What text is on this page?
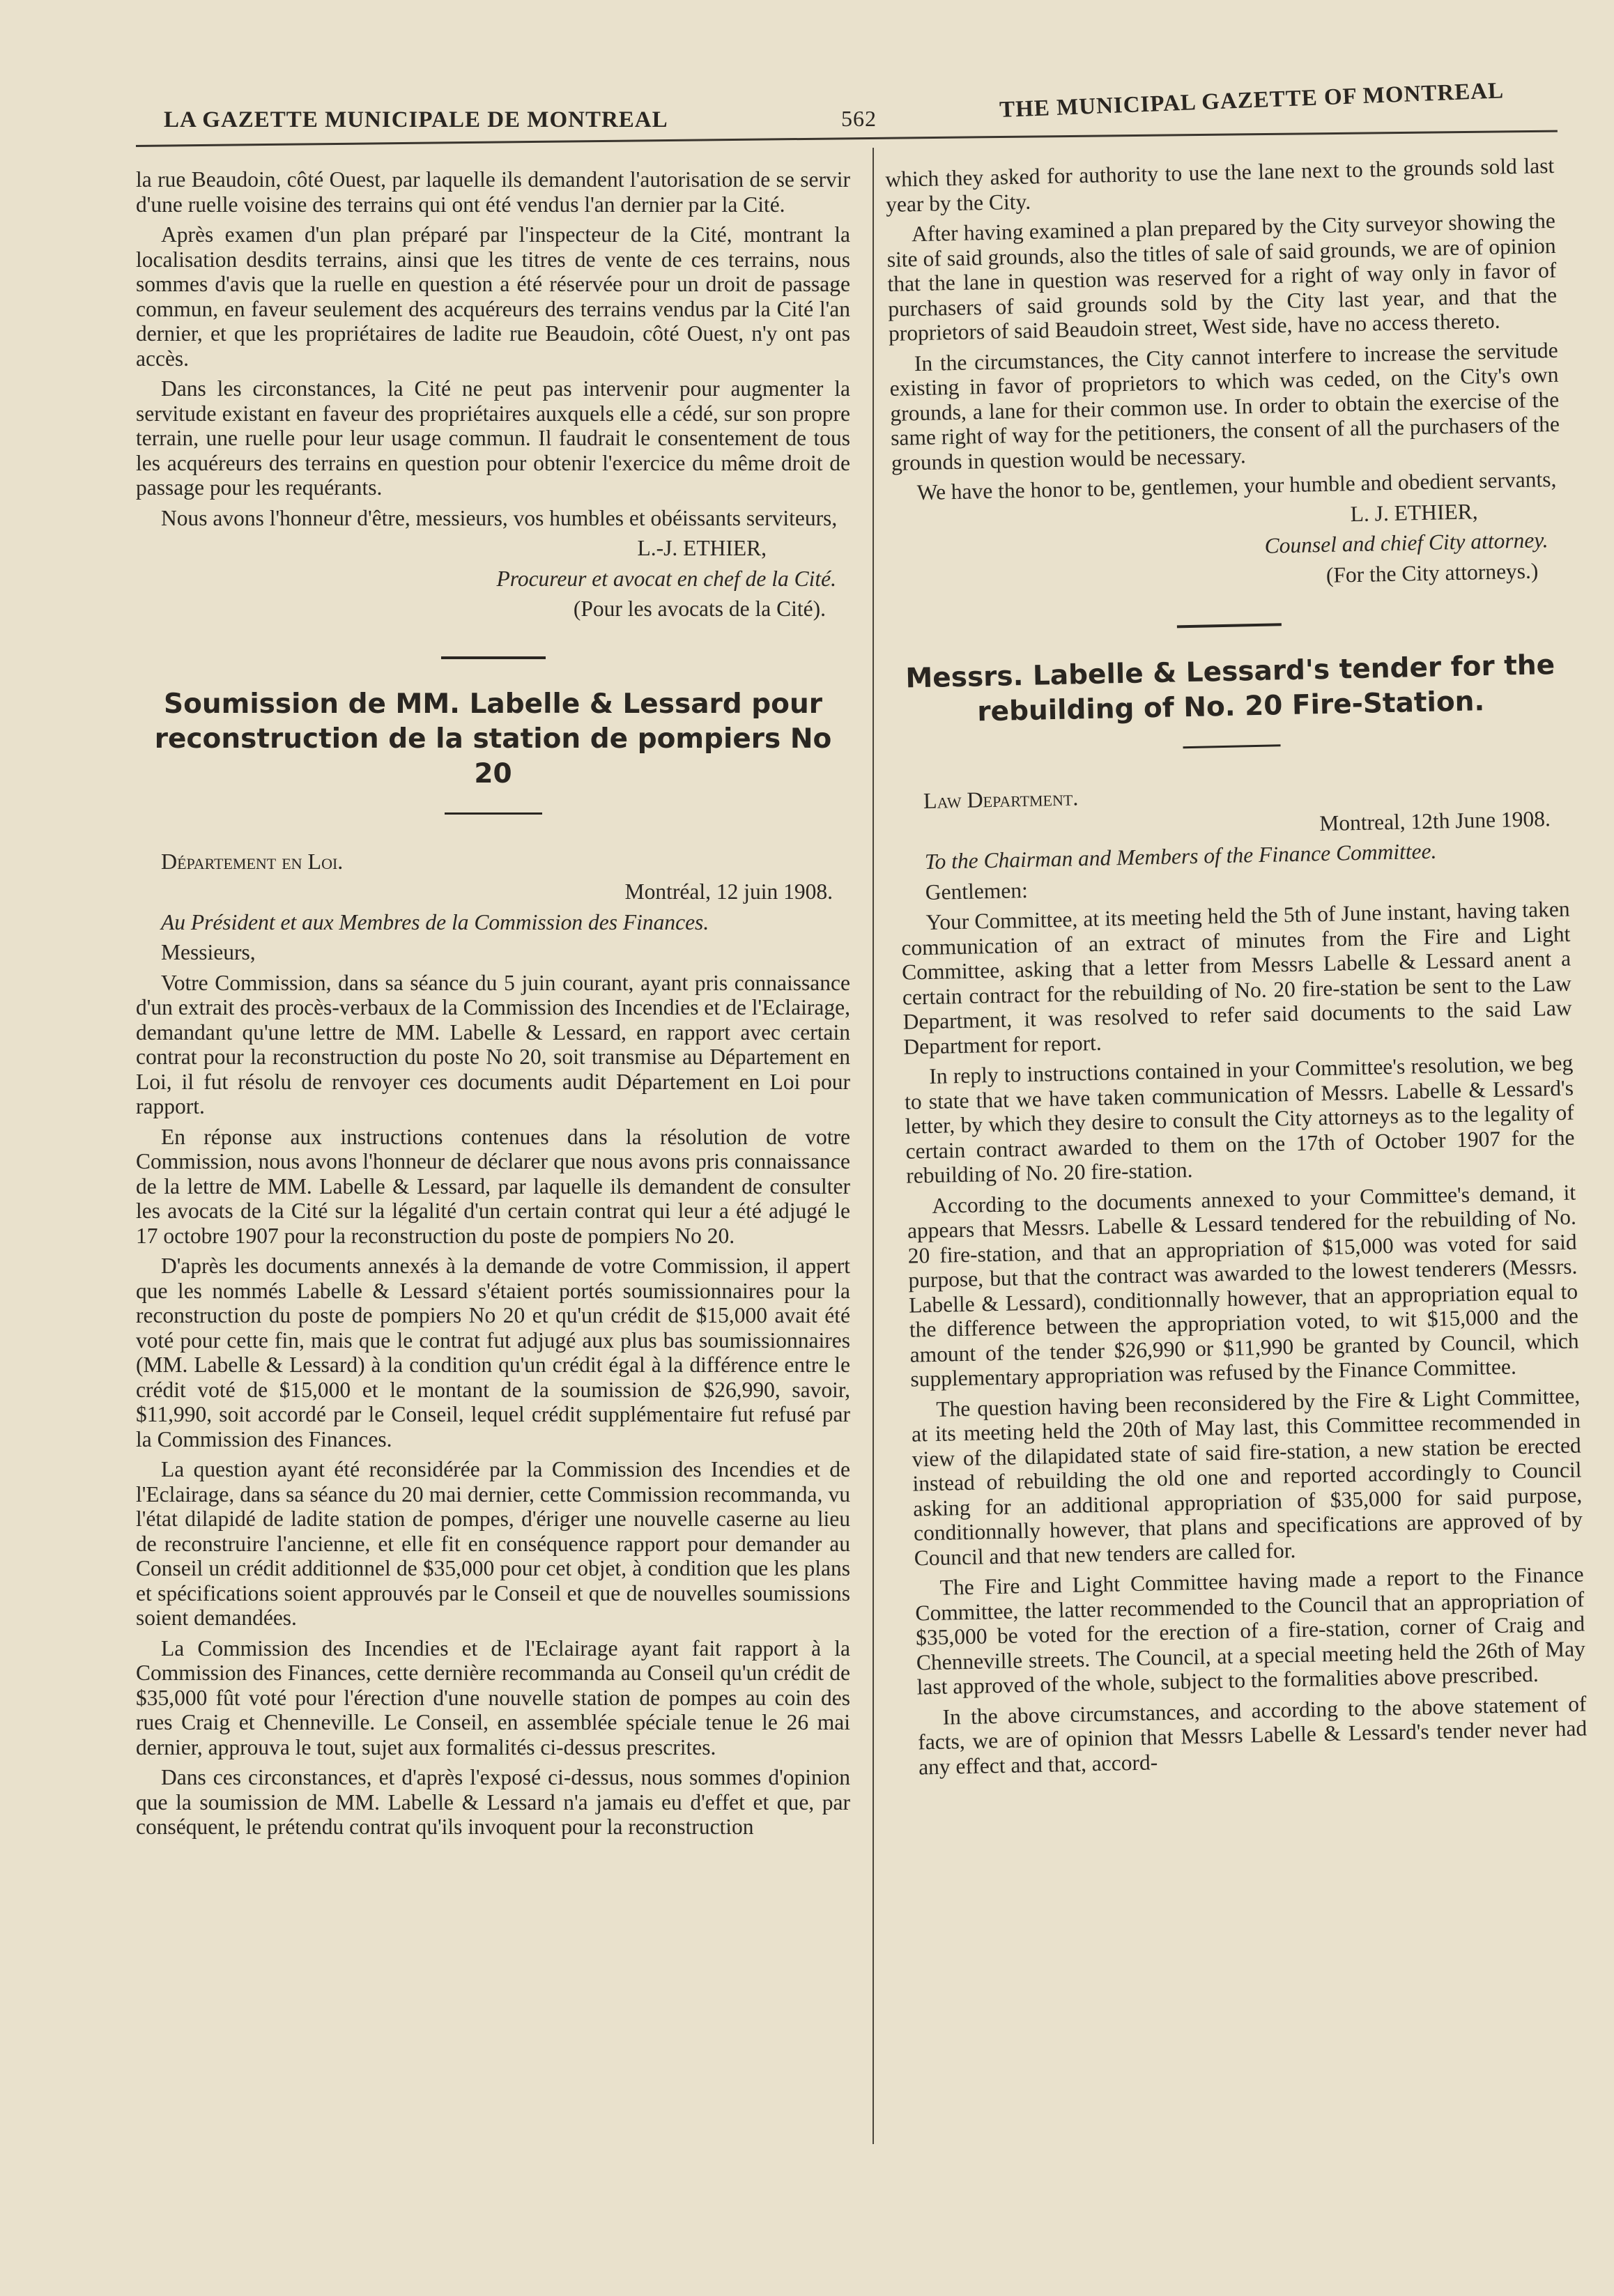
LA GAZETTE MUNICIPALE DE MONTREAL	562	THE MUNICIPAL GAZETTE OF MONTREAL

la rue Beaudoin, côté Ouest, par laquelle ils demandent l'autorisation de se servir d'une ruelle voisine des terrains qui ont été vendus l'an dernier par la Cité.

Après examen d'un plan préparé par l'inspecteur de la Cité, montrant la localisation desdits terrains, ainsi que les titres de vente de ces terrains, nous sommes d'avis que la ruelle en question a été réservée pour un droit de passage commun, en faveur seulement des acquéreurs des terrains vendus par la Cité l'an dernier, et que les propriétaires de ladite rue Beaudoin, côté Ouest, n'y ont pas accès.

Dans les circonstances, la Cité ne peut pas intervenir pour augmenter la servitude existant en faveur des propriétaires auxquels elle a cédé, sur son propre terrain, une ruelle pour leur usage commun. Il faudrait le consentement de tous les acquéreurs des terrains en question pour obtenir l'exercice du même droit de passage pour les requérants.

Nous avons l'honneur d'être, messieurs, vos humbles et obéissants serviteurs,

L.-J. ETHIER,

Procureur et avocat en chef de la Cité.

(Pour les avocats de la Cité).

Soumission de MM. Labelle & Lessard pour reconstruction de la station de pompiers No 20

Département en Loi.

Montréal, 12 juin 1908.

Au Président et aux Membres de la Commission des Finances.

Messieurs,

Votre Commission, dans sa séance du 5 juin courant, ayant pris connaissance d'un extrait des procès-verbaux de la Commission des Incendies et de l'Eclairage, demandant qu'une lettre de MM. Labelle & Lessard, en rapport avec certain contrat pour la reconstruction du poste No 20, soit transmise au Département en Loi, il fut résolu de renvoyer ces documents audit Département en Loi pour rapport.

En réponse aux instructions contenues dans la résolution de votre Commission, nous avons l'honneur de déclarer que nous avons pris connaissance de la lettre de MM. Labelle & Lessard, par laquelle ils demandent de consulter les avocats de la Cité sur la légalité d'un certain contrat qui leur a été adjugé le 17 octobre 1907 pour la reconstruction du poste de pompiers No 20.

D'après les documents annexés à la demande de votre Commission, il appert que les nommés Labelle & Lessard s'étaient portés soumissionnaires pour la reconstruction du poste de pompiers No 20 et qu'un crédit de $15,000 avait été voté pour cette fin, mais que le contrat fut adjugé aux plus bas soumissionnaires (MM. Labelle & Lessard) à la condition qu'un crédit égal à la différence entre le crédit voté de $15,000 et le montant de la soumission de $26,990, savoir, $11,990, soit accordé par le Conseil, lequel crédit supplémentaire fut refusé par la Commission des Finances.

La question ayant été reconsidérée par la Commission des Incendies et de l'Eclairage, dans sa séance du 20 mai dernier, cette Commission recommanda, vu l'état dilapidé de ladite station de pompes, d'ériger une nouvelle caserne au lieu de reconstruire l'ancienne, et elle fit en conséquence rapport pour demander au Conseil un crédit additionnel de $35,000 pour cet objet, à condition que les plans et spécifications soient approuvés par le Conseil et que de nouvelles soumissions soient demandées.

La Commission des Incendies et de l'Eclairage ayant fait rapport à la Commission des Finances, cette dernière recommanda au Conseil qu'un crédit de $35,000 fût voté pour l'érection d'une nouvelle station de pompes au coin des rues Craig et Chenneville. Le Conseil, en assemblée spéciale tenue le 26 mai dernier, approuva le tout, sujet aux formalités ci-dessus prescrites.

Dans ces circonstances, et d'après l'exposé ci-dessus, nous sommes d'opinion que la soumission de MM. Labelle & Lessard n'a jamais eu d'effet et que, par conséquent, le prétendu contrat qu'ils invoquent pour la reconstruction

which they asked for authority to use the lane next to the grounds sold last year by the City.

After having examined a plan prepared by the City surveyor showing the site of said grounds, also the titles of sale of said grounds, we are of opinion that the lane in question was reserved for a right of way only in favor of purchasers of said grounds sold by the City last year, and that the proprietors of said Beaudoin street, West side, have no access thereto.

In the circumstances, the City cannot interfere to increase the servitude existing in favor of proprietors to which was ceded, on the City's own grounds, a lane for their common use. In order to obtain the exercise of the same right of way for the petitioners, the consent of all the purchasers of the grounds in question would be necessary.

We have the honor to be, gentlemen, your humble and obedient servants,

L. J. ETHIER,

Counsel and chief City attorney.

(For the City attorneys.)

Messrs. Labelle & Lessard's tender for the rebuilding of No. 20 Fire-Station.

Law Department.

Montreal, 12th June 1908.

To the Chairman and Members of the Finance Committee.

Gentlemen:

Your Committee, at its meeting held the 5th of June instant, having taken communication of an extract of minutes from the Fire and Light Committee, asking that a letter from Messrs Labelle & Lessard anent a certain contract for the rebuilding of No. 20 fire-station be sent to the Law Department, it was resolved to refer said documents to the said Law Department for report.

In reply to instructions contained in your Committee's resolution, we beg to state that we have taken communication of Messrs. Labelle & Lessard's letter, by which they desire to consult the City attorneys as to the legality of certain contract awarded to them on the 17th of October 1907 for the rebuilding of No. 20 fire-station.

According to the documents annexed to your Committee's demand, it appears that Messrs. Labelle & Lessard tendered for the rebuilding of No. 20 fire-station, and that an appropriation of $15,000 was voted for said purpose, but that the contract was awarded to the lowest tenderers (Messrs. Labelle & Lessard), conditionnally however, that an appropriation equal to the difference between the appropriation voted, to wit $15,000 and the amount of the tender $26,990 or $11,990 be granted by Council, which supplementary appropriation was refused by the Finance Committee.

The question having been reconsidered by the Fire & Light Committee, at its meeting held the 20th of May last, this Committee recommended in view of the dilapidated state of said fire-station, a new station be erected instead of rebuilding the old one and reported accordingly to Council asking for an additional appropriation of $35,000 for said purpose, conditionnally however, that plans and specifications are approved of by Council and that new tenders are called for.

The Fire and Light Committee having made a report to the Finance Committee, the latter recommended to the Council that an appropriation of $35,000 be voted for the erection of a fire-station, corner of Craig and Chenneville streets. The Council, at a special meeting held the 26th of May last approved of the whole, subject to the formalities above prescribed.

In the above circumstances, and according to the above statement of facts, we are of opinion that Messrs Labelle & Lessard's tender never had any effect and that, accord-
